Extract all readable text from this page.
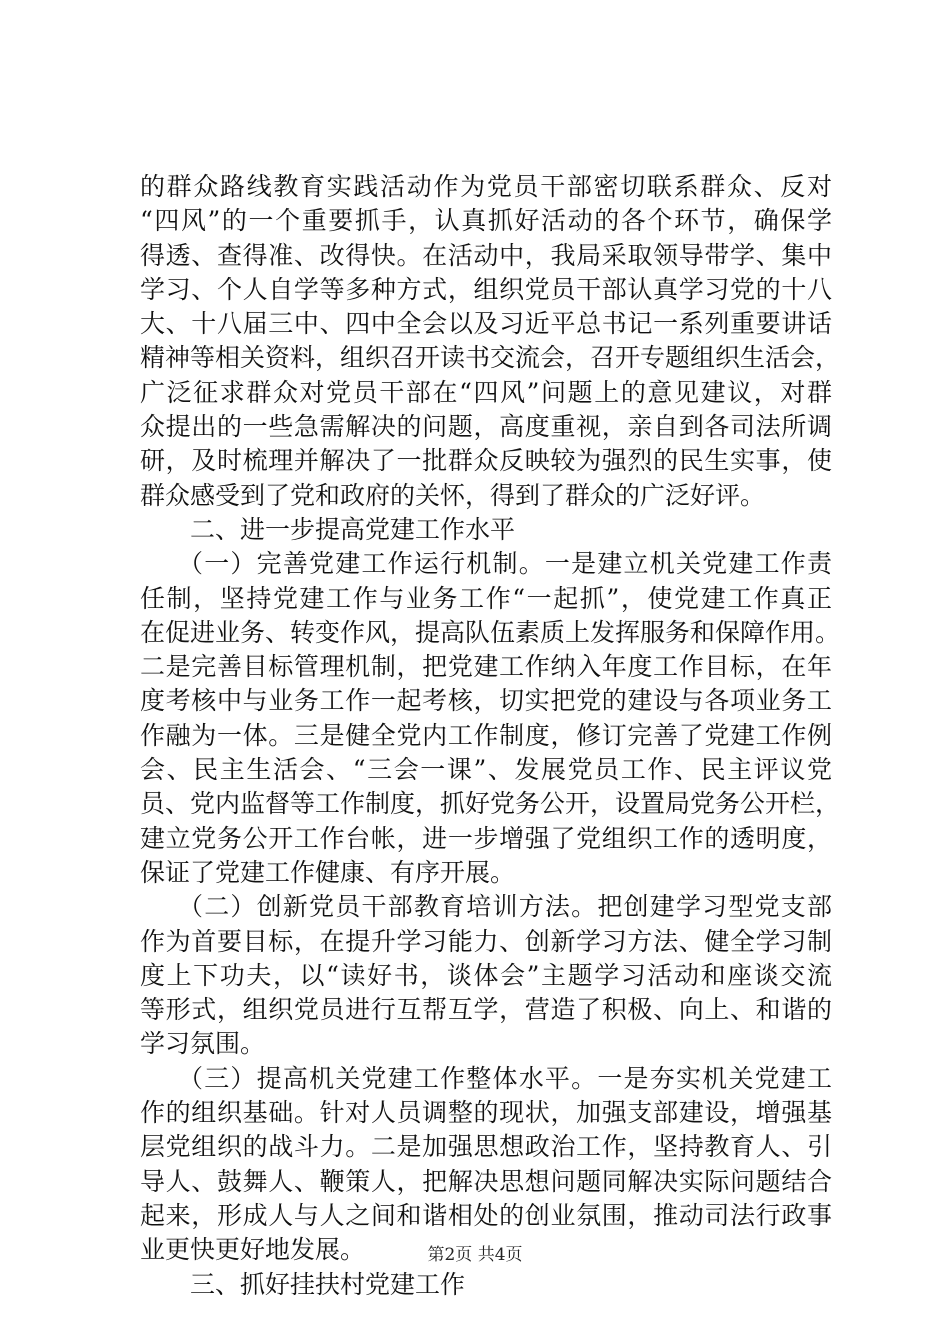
的群众路线教育实践活动作为党员干部密切联系群众、反对
“四风”的一个重要抓手，认真抓好活动的各个环节，确保学
得透、查得准、改得快。在活动中，我局采取领导带学、集中
学习、个人自学等多种方式，组织党员干部认真学习党的十八
大、十八届三中、四中全会以及习近平总书记一系列重要讲话
精神等相关资料，组织召开读书交流会，召开专题组织生活会，
广泛征求群众对党员干部在“四风”问题上的意见建议，对群
众提出的一些急需解决的问题，高度重视，亲自到各司法所调
研，及时梳理并解决了一批群众反映较为强烈的民生实事，使
群众感受到了党和政府的关怀，得到了群众的广泛好评。
二、进一步提高党建工作水平
（一）完善党建工作运行机制。一是建立机关党建工作责
任制，坚持党建工作与业务工作“一起抓”，使党建工作真正
在促进业务、转变作风，提高队伍素质上发挥服务和保障作用。
二是完善目标管理机制，把党建工作纳入年度工作目标，在年
度考核中与业务工作一起考核，切实把党的建设与各项业务工
作融为一体。三是健全党内工作制度，修订完善了党建工作例
会、民主生活会、“三会一课”、发展党员工作、民主评议党
员、党内监督等工作制度，抓好党务公开，设置局党务公开栏，
建立党务公开工作台帐，进一步增强了党组织工作的透明度，
保证了党建工作健康、有序开展。
（二）创新党员干部教育培训方法。把创建学习型党支部
作为首要目标，在提升学习能力、创新学习方法、健全学习制
度上下功夫，以“读好书，谈体会”主题学习活动和座谈交流
等形式，组织党员进行互帮互学，营造了积极、向上、和谐的
学习氛围。
（三）提高机关党建工作整体水平。一是夯实机关党建工
作的组织基础。针对人员调整的现状，加强支部建设，增强基
层党组织的战斗力。二是加强思想政治工作，坚持教育人、引
导人、鼓舞人、鞭策人，把解决思想问题同解决实际问题结合
起来，形成人与人之间和谐相处的创业氛围，推动司法行政事
业更快更好地发展。
三、抓好挂扶村党建工作
第2页 共4页
